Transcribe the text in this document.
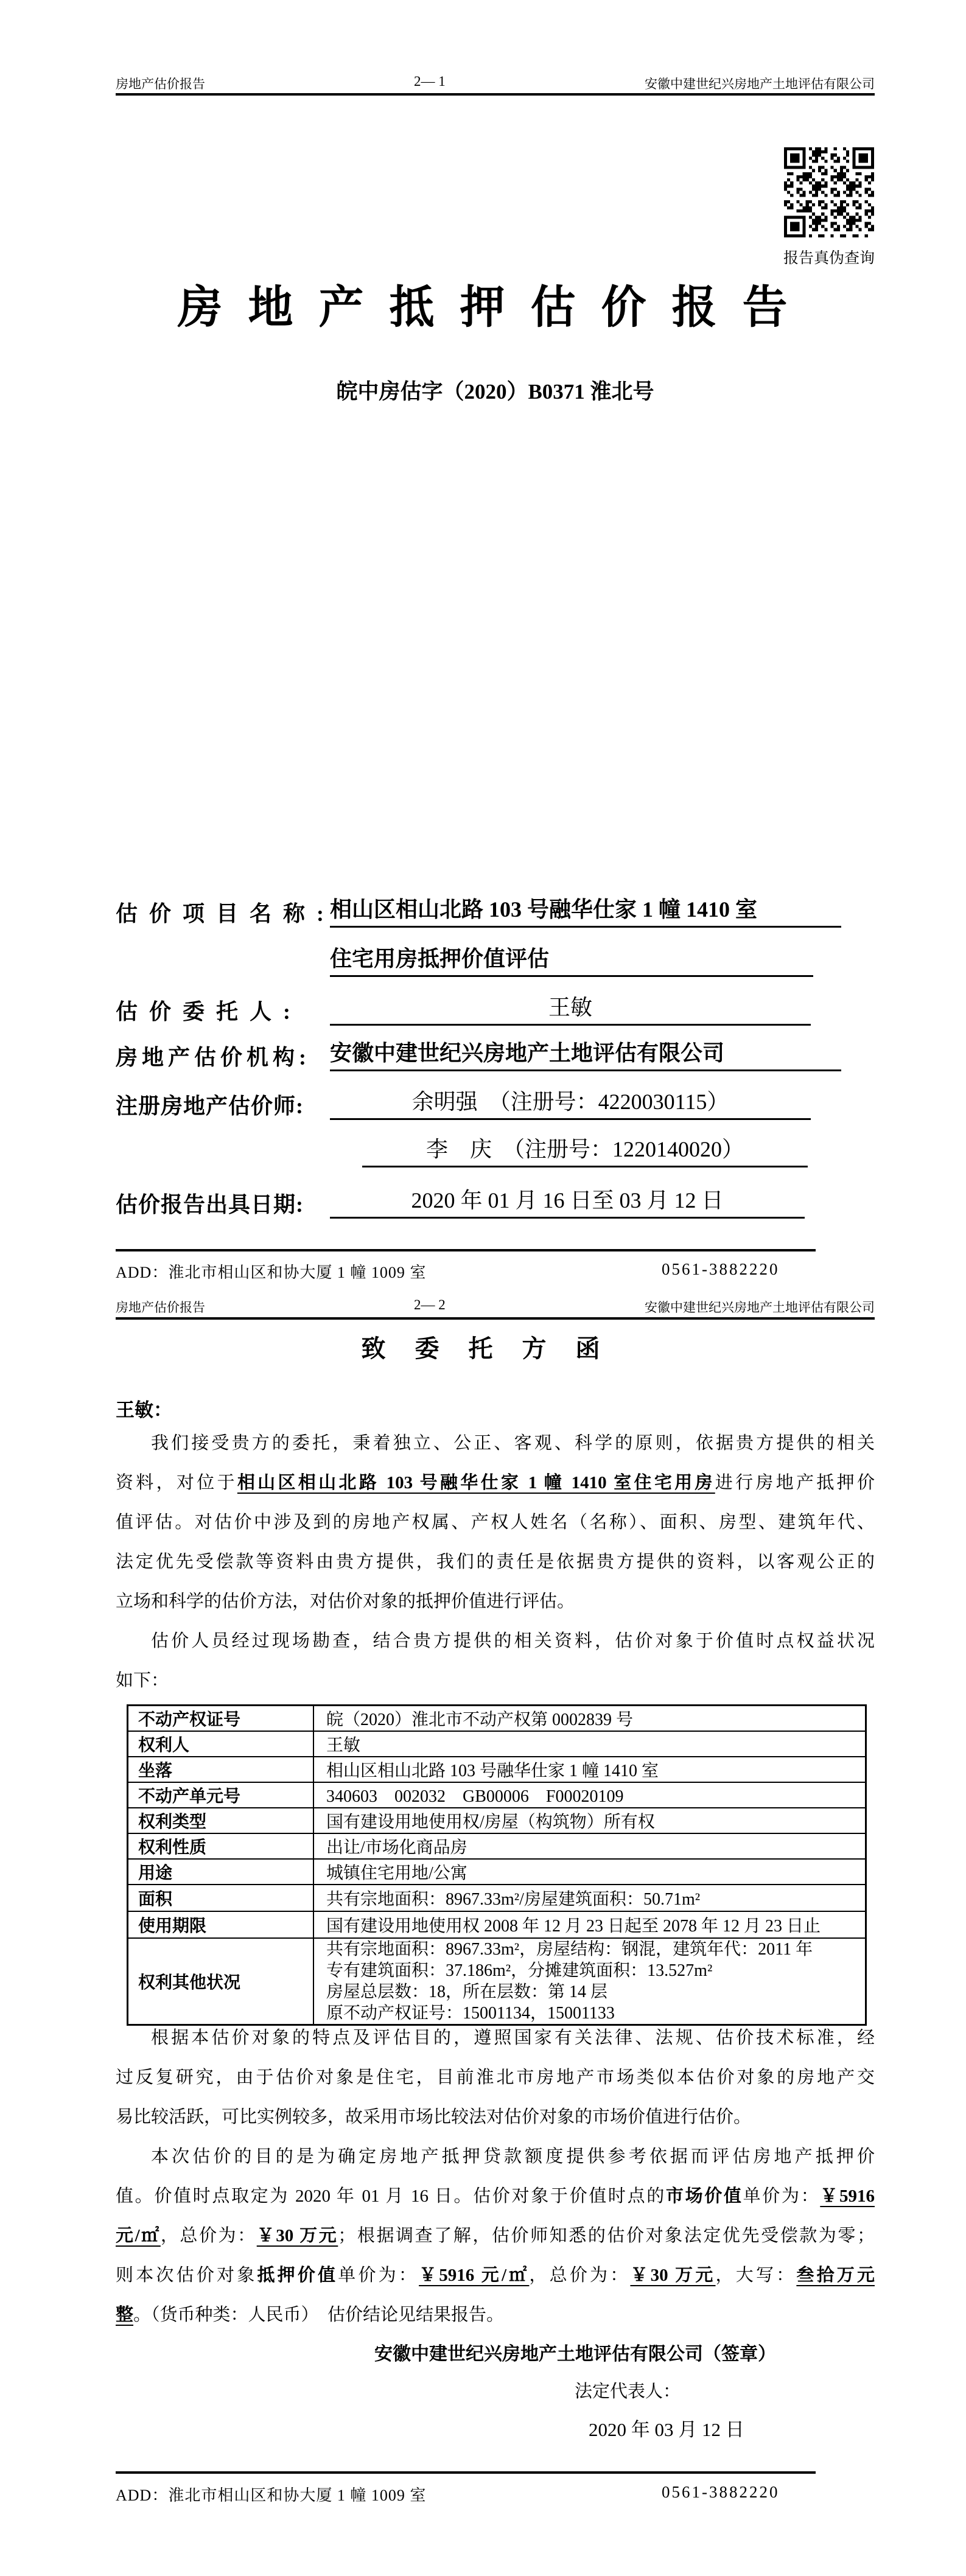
房地产估价报告	2— 1	安徽中建世纪兴房地产土地评估有限公司
报告真伪查询
房地产抵押估价报告
皖中房估字（2020）B0371 淮北号
估价项目名称:
相山区相山北路 103 号融华仕家 1 幢 1410 室
住宅用房抵押价值评估
估价委托人:	王敏
房地产估价机构: 安徽中建世纪兴房地产土地评估有限公司
注册房地产估价师:	余明强　（注册号：4220030115）
李　庆　（注册号：1220140020）
估价报告出具日期:	2020 年 01 月 16 日至 03 月 12 日
ADD：淮北市相山区和协大厦 1 幢 1009 室	0561-3882220
房地产估价报告	2— 2	安徽中建世纪兴房地产土地评估有限公司
致委托方函
王敏：
我们接受贵方的委托，秉着独立、公正、客观、科学的原则，依据贵方提供的相关
资料，对位于相山区相山北路 103 号融华仕家 1 幢 1410 室住宅用房进行房地产抵押价
值评估。对估价中涉及到的房地产权属、产权人姓名（名称）、面积、房型、建筑年代、
法定优先受偿款等资料由贵方提供，我们的责任是依据贵方提供的资料，以客观公正的
立场和科学的估价方法，对估价对象的抵押价值进行评估。
估价人员经过现场勘查，结合贵方提供的相关资料，估价对象于价值时点权益状况
如下：
不动产权证号	皖（2020）淮北市不动产权第 0002839 号
权利人	王敏
坐落	相山区相山北路 103 号融华仕家 1 幢 1410 室
不动产单元号	340603　002032　GB00006　F00020109
权利类型	国有建设用地使用权/房屋（构筑物）所有权
权利性质	出让/市场化商品房
用途	城镇住宅用地/公寓
面积	共有宗地面积：8967.33m²/房屋建筑面积：50.71m²
使用期限	国有建设用地使用权 2008 年 12 月 23 日起至 2078 年 12 月 23 日止
权利其他状况	共有宗地面积：8967.33m²，房屋结构：钢混，建筑年代：2011 年
专有建筑面积：37.186m²，分摊建筑面积：13.527m²
房屋总层数：18，所在层数：第 14 层
原不动产权证号：15001134，15001133
根据本估价对象的特点及评估目的，遵照国家有关法律、法规、估价技术标准，经
过反复研究，由于估价对象是住宅，目前淮北市房地产市场类似本估价对象的房地产交
易比较活跃，可比实例较多，故采用市场比较法对估价对象的市场价值进行估价。
本次估价的目的是为确定房地产抵押贷款额度提供参考依据而评估房地产抵押价
值。价值时点取定为 2020 年 01 月 16 日。估价对象于价值时点的市场价值单价为：￥5916
元/㎡，总价为：￥30 万元；根据调查了解，估价师知悉的估价对象法定优先受偿款为零；
则本次估价对象抵押价值单价为：￥5916 元/㎡，总价为：￥30 万元，大写：叁拾万元
整。（货币种类：人民币）　估价结论见结果报告。
安徽中建世纪兴房地产土地评估有限公司（签章）
法定代表人：
2020 年 03 月 12 日
ADD：淮北市相山区和协大厦 1 幢 1009 室	0561-3882220
